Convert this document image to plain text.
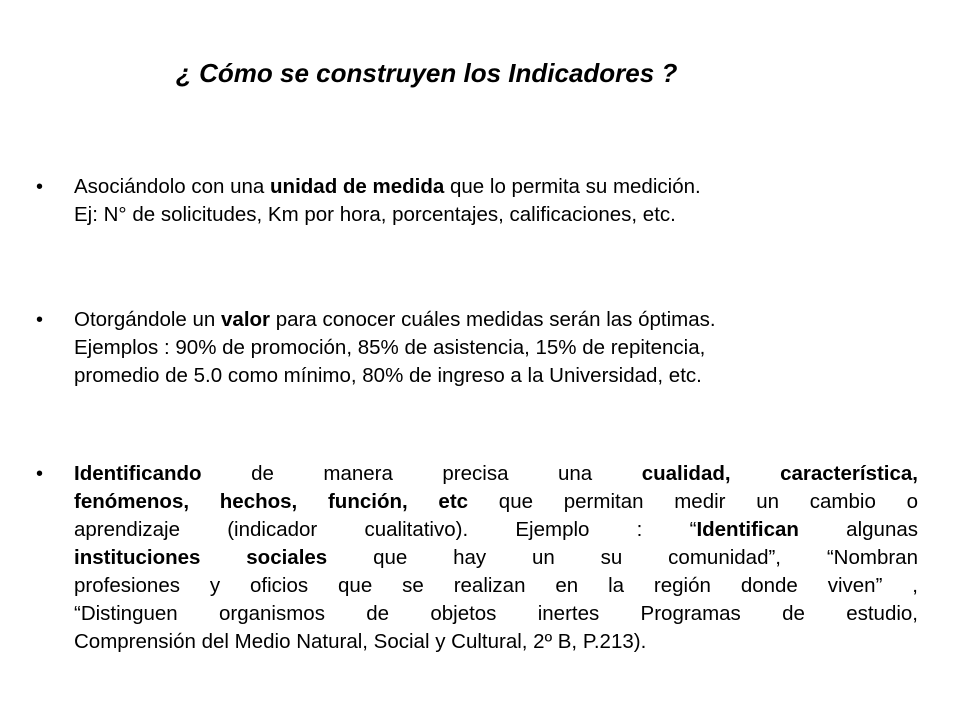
¿ Cómo se construyen los Indicadores ?
•	Asociándolo con una unidad de medida que lo permita su medición.
Ej: N° de solicitudes, Km por hora, porcentajes, calificaciones, etc.
•	Otorgándole un valor para conocer cuáles medidas serán las óptimas.
Ejemplos : 90% de promoción, 85% de asistencia, 15% de repitencia,
promedio de 5.0 como mínimo, 80% de ingreso a la Universidad, etc.
•	Identificando de manera precisa una cualidad, característica,
fenómenos, hechos, función, etc que permitan medir un cambio o
aprendizaje (indicador cualitativo). Ejemplo : “Identifican algunas
instituciones sociales que hay un su comunidad”, “Nombran
profesiones y oficios que se realizan en la región donde viven” ,
“Distinguen organismos de objetos inertes Programas de estudio,
Comprensión del Medio Natural, Social y Cultural, 2º B, P.213).
